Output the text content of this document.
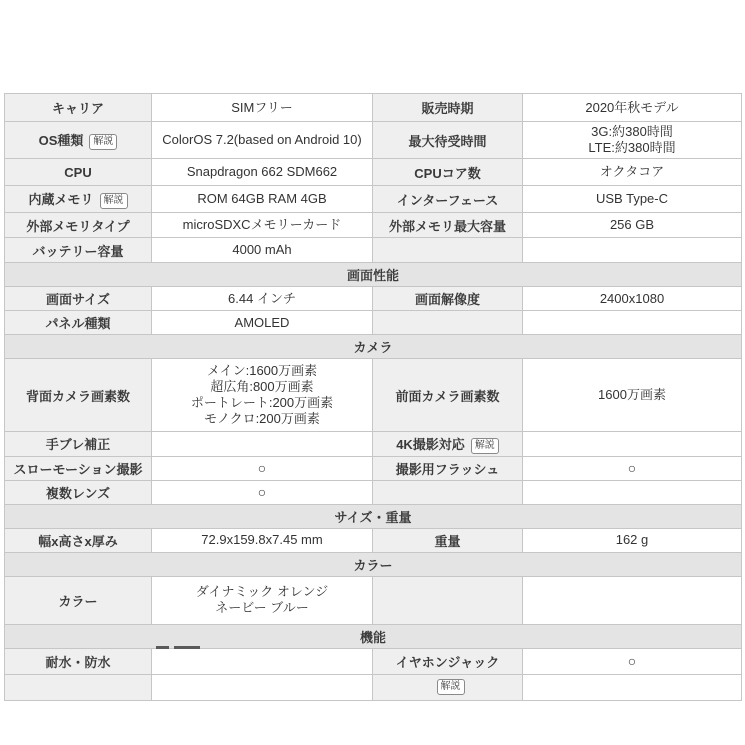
キャリア	SIMフリー	販売時期	2020年秋モデル

OS種類 解説	ColorOS 7.2(based on Android 10)	最大待受時間	3G:約380時間
LTE:約380時間

CPU	Snapdragon 662 SDM662	CPUコア数	オクタコア

内蔵メモリ 解説	ROM 64GB RAM 4GB	インターフェース	USB Type-C

外部メモリタイプ	microSDXCメモリーカード	外部メモリ最大容量	256 GB

バッテリー容量	4000 mAh		

画面性能			
画面サイズ	6.44 インチ	画面解像度	2400x1080

パネル種類	AMOLED		

カメラ			
背面カメラ画素数	メイン:1600万画素
超広角:800万画素
ポートレート:200万画素
モノクロ:200万画素	前面カメラ画素数	1600万画素

手ブレ補正		4K撮影対応 解説	
スローモーション撮影	○	撮影用フラッシュ	○

複数レンズ	○		

サイズ・重量			
幅x高さx厚み	72.9x159.8x7.45 mm	重量	162 g

カラー			
カラー	ダイナミック オレンジ
ネービー ブルー		

機能			
耐水・防水		イヤホンジャック	○

		解説	
